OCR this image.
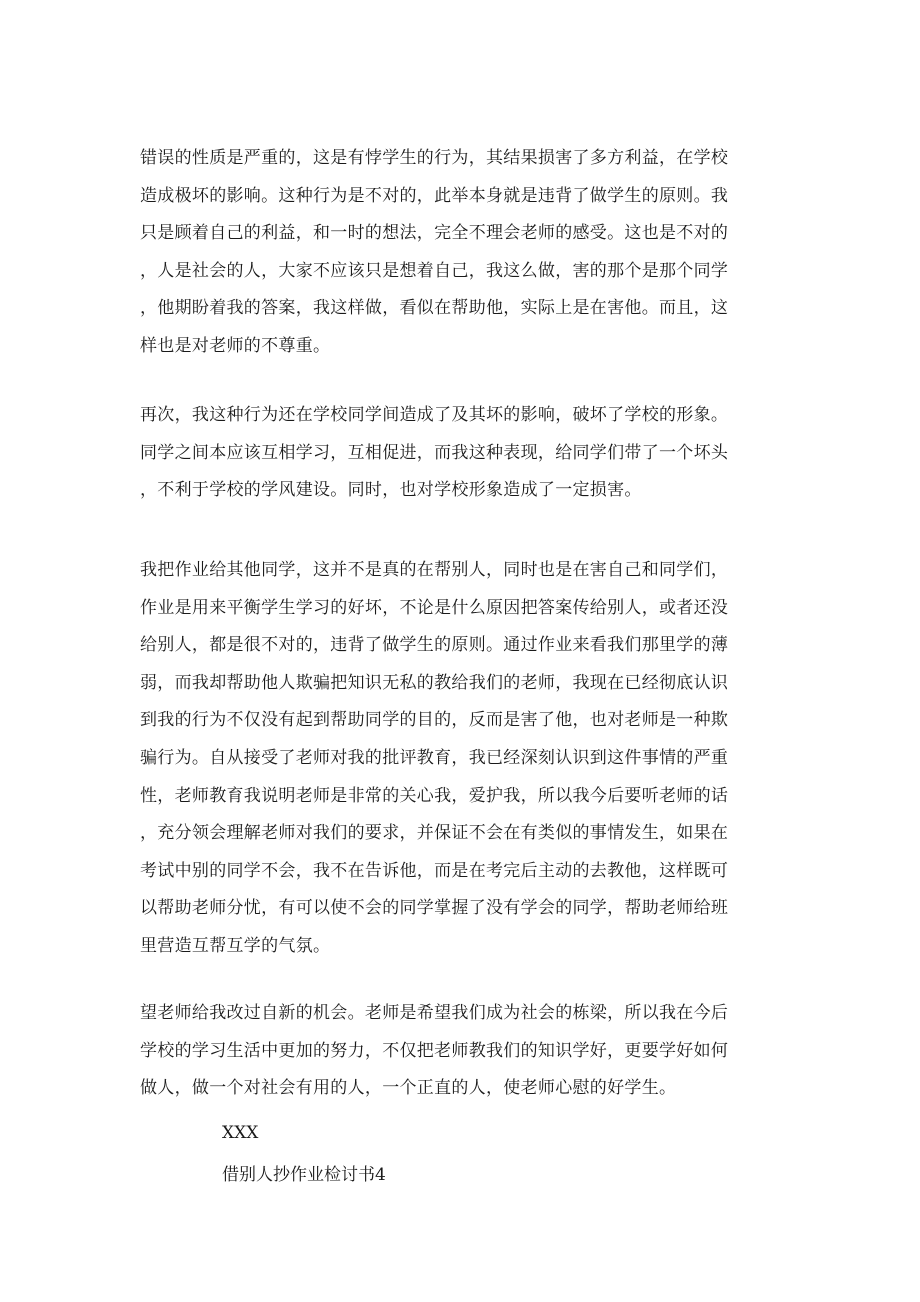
错误的性质是严重的，这是有悖学生的行为，其结果损害了多方利益，在学校
造成极坏的影响。这种行为是不对的，此举本身就是违背了做学生的原则。我
只是顾着自己的利益，和一时的想法，完全不理会老师的感受。这也是不对的
，人是社会的人，大家不应该只是想着自己，我这么做，害的那个是那个同学
，他期盼着我的答案，我这样做，看似在帮助他，实际上是在害他。而且，这
样也是对老师的不尊重。

再次，我这种行为还在学校同学间造成了及其坏的影响，破坏了学校的形象。
同学之间本应该互相学习，互相促进，而我这种表现，给同学们带了一个坏头
，不利于学校的学风建设。同时，也对学校形象造成了一定损害。

我把作业给其他同学，这并不是真的在帮别人，同时也是在害自己和同学们，
作业是用来平衡学生学习的好坏，不论是什么原因把答案传给别人，或者还没
给别人，都是很不对的，违背了做学生的原则。通过作业来看我们那里学的薄
弱，而我却帮助他人欺骗把知识无私的教给我们的老师，我现在已经彻底认识
到我的行为不仅没有起到帮助同学的目的，反而是害了他，也对老师是一种欺
骗行为。自从接受了老师对我的批评教育，我已经深刻认识到这件事情的严重
性，老师教育我说明老师是非常的关心我，爱护我，所以我今后要听老师的话
，充分领会理解老师对我们的要求，并保证不会在有类似的事情发生，如果在
考试中别的同学不会，我不在告诉他，而是在考完后主动的去教他，这样既可
以帮助老师分忧，有可以使不会的同学掌握了没有学会的同学，帮助老师给班
里营造互帮互学的气氛。

望老师给我改过自新的机会。老师是希望我们成为社会的栋梁，所以我在今后
学校的学习生活中更加的努力，不仅把老师教我们的知识学好，更要学好如何
做人，做一个对社会有用的人，一个正直的人，使老师心慰的好学生。

XXX

借别人抄作业检讨书4
